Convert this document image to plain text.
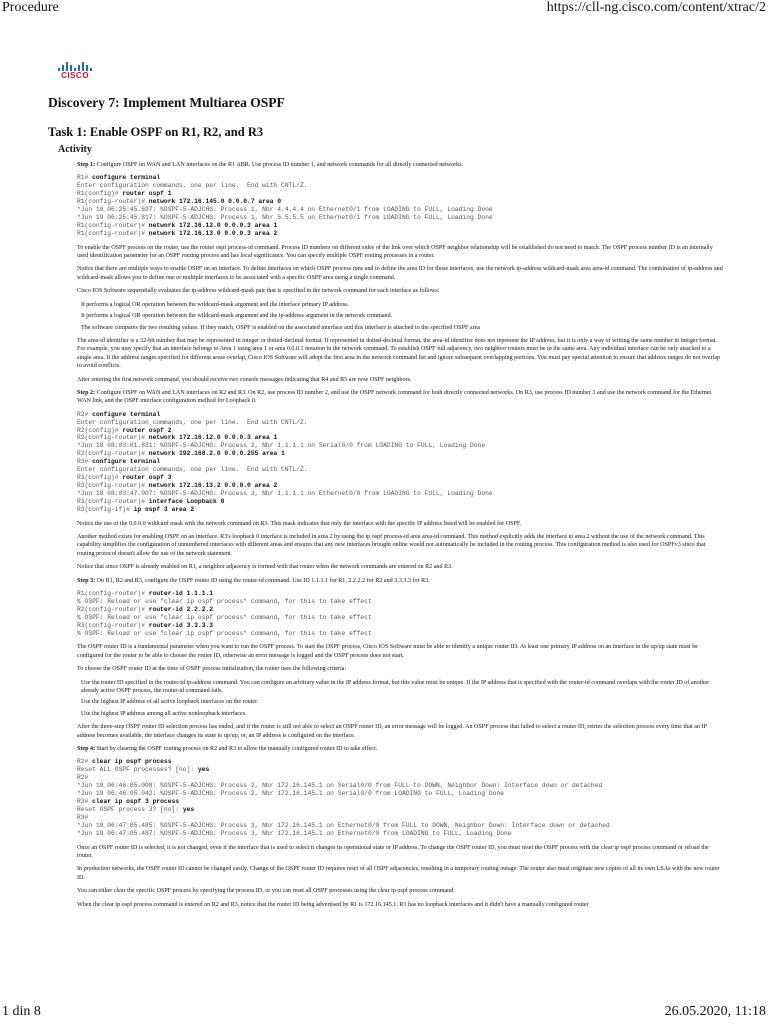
Procedure	https://cll-ng.cisco.com/content/xtrac/2
CISCO
Discovery 7: Implement Multiarea OSPF
Task 1: Enable OSPF on R1, R2, and R3
Activity

Step 1: Configure OSPF on WAN and LAN interfaces on the R1 ABR. Use process ID number 1, and network commands for all directly connected networks.

R1# configure terminal
Enter configuration commands, one per line.  End with CNTL/Z.
R1(config)# router ospf 1
R1(config-router)# network 172.16.145.0 0.0.0.7 area 0
*Jun 19 06:25:45.697: %OSPF-5-ADJCHG: Process 1, Nbr 4.4.4.4 on Ethernet0/1 from LOADING to FULL, Loading Done
*Jun 19 06:25:45.817: %OSPF-5-ADJCHG: Process 1, Nbr 5.5.5.5 on Ethernet0/1 from LOADING to FULL, Loading Done
R1(config-router)# network 172.16.12.0 0.0.0.3 area 1
R1(config-router)# network 172.16.13.0 0.0.0.3 area 2

To enable the OSPF process on the router, use the router ospf process-id command. Process ID numbers on different sides of the link over which OSPF neighbor relationship will be established do not need to match. The OSPF process number ID is an internally used identification parameter for an OSPF routing process and has local significance. You can specify multiple OSPF routing processes in a router.

Notice that there are multiple ways to enable OSPF on an interface. To define interfaces on which OSPF process runs and to define the area ID for those interfaces, use the network ip-address wildcard-mask area area-id command. The combination of ip-address and wildcard-mask allows you to define one or multiple interfaces to be associated with a specific OSPF area using a single command.

Cisco IOS Software sequentially evaluates the ip-address wildcard-mask pair that is specified in the network command for each interface as follows:

It performs a logical OR operation between the wildcard-mask argument and the interface primary IP address.

It performs a logical OR operation between the wildcard-mask argument and the ip-address argument in the network command.

The software compares the two resulting values. If they match, OSPF is enabled on the associated interface and this interface is attached to the specified OSPF area

The area-id identifier is a 32-bit number that may be represented in integer or dotted-decimal format. If represented in dotted-decimal format, the area-id identifier does not represent the IP address, but it is only a way of writing the same number in integer format. For example, you may specify that an interface belongs to Area 1 using area 1 or area 0.0.0.1 notation in the network command. To establish OSPF full adjacency, two neighbor routers must be in the same area. Any individual interface can be only attached to a single area. If the address ranges specified for different areas overlap, Cisco IOS Software will adopt the first area in the network command list and ignore subsequent overlapping portions. You must pay special attention to ensure that address ranges do not overlap to avoid conflicts.

After entering the first network command, you should receive two console messages indicating that R4 and R5 are now OSPF neighbors.

Step 2: Configure OSPF on WAN and LAN interfaces on R2 and R3. On R2, use process ID number 2, and use the OSPF network command for both directly connected networks. On R3, use process ID number 3 and use the network command for the Ethernet WAN link, and the OSPF interface configuration method for Loopback 0.

R2# configure terminal
Enter configuration commands, one per line.  End with CNTL/Z.
R2(config)# router ospf 2
R2(config-router)# network 172.16.12.0 0.0.0.3 area 1
*Jun 18 08:03:01.831: %OSPF-5-ADJCHG: Process 2, Nbr 1.1.1.1 on Serial0/0 from LOADING to FULL, Loading Done
R2(config-router)# network 192.168.2.0 0.0.0.255 area 1
R3# configure terminal
Enter configuration commands, one per line.  End with CNTL/Z.
R3(config)# router ospf 3
R3(config-router)# network 172.16.13.2 0.0.0.0 area 2
*Jun 18 08:03:47.007: %OSPF-5-ADJCHG: Process 3, Nbr 1.1.1.1 on Ethernet0/0 from LOADING to FULL, Loading Done
R3(config-router)# interface Loopback 0
R3(config-if)# ip ospf 3 area 2

Notice the use of the 0.0.0.0 wildcard mask with the network command on R3. This mask indicates that only the interface with the specific IP address listed will be enabled for OSPF.

Another method exists for enabling OSPF on an interface. R3's loopback 0 interface is included in area 2 by using the ip ospf process-id area area-id command. This method explicitly adds the interface to area 2 without the use of the network command. This capability simplifies the configuration of unnumbered interfaces with different areas and ensures that any new interfaces brought online would not automatically be included in the routing process. This configuration method is also used for OSPFv3 since that routing protocol doesn't allow the use of the network statement.

Notice that since OSPF is already enabled on R1, a neighbor adjacency is formed with that router when the network commands are entered on R2 and R3.

Step 3: On R1, R2 and R3, configure the OSPF router ID using the router-id command. Use ID 1.1.1.1 for R1, 2.2.2.2 for R2 and 3.3.3.3 for R3.

R1(config-router)# router-id 1.1.1.1
% OSPF: Reload or use "clear ip ospf process" command, for this to take effect
R2(config-router)# router-id 2.2.2.2
% OSPF: Reload or use "clear ip ospf process" command, for this to take effect
R3(config-router)# router-id 3.3.3.3
% OSPF: Reload or use "clear ip ospf process" command, for this to take effect

The OSPF router ID is a fundamental parameter when you want to run the OSPF process. To start the OSPF process, Cisco IOS Software must be able to identify a unique router ID. At least one primary IP address on an interface in the up/up state must be configured for the router to be able to choose the router ID, otherwise an error message is logged and the OSPF process does not start.

To choose the OSPF router ID at the time of OSPF process initialization, the router uses the following criteria:

Use the router ID specified in the router-id ip-address command. You can configure an arbitrary value in the IP address format, but this value must be unique. If the IP address that is specified with the router-id command overlaps with the router ID of another already active OSPF process, the router-id command fails.

Use the highest IP address of all active loopback interfaces on the router.

Use the highest IP address among all active nonloopback interfaces.

After the three-step OSPF router ID selection process has ended, and if the router is still not able to select an OSPF router ID, an error message will be logged. An OSPF process that failed to select a router ID, retries the selection process every time that an IP address becomes available, the interface changes its state to up/up, or, an IP address is configured on the interface.

Step 4: Start by clearing the OSPF routing process on R2 and R3 to allow the manually configured router ID to take effect.

R2# clear ip ospf process
Reset ALL OSPF processes? [no]: yes
R2#
*Jun 19 06:46:05.008: %OSPF-5-ADJCHG: Process 2, Nbr 172.16.145.1 on Serial0/0 from FULL to DOWN, Neighbor Down: Interface down or detached
*Jun 19 06:46:05.042: %OSPF-5-ADJCHG: Process 2, Nbr 172.16.145.1 on Serial0/0 from LOADING to FULL, Loading Done
R3# clear ip ospf 3 process
Reset OSPF process 3? [no]: yes
R3#
*Jun 19 06:47:05.485: %OSPF-5-ADJCHG: Process 3, Nbr 172.16.145.1 on Ethernet0/0 from FULL to DOWN, Neighbor Down: Interface down or detached
*Jun 19 06:47:05.487: %OSPF-5-ADJCHG: Process 3, Nbr 172.16.145.1 on Ethernet0/0 from LOADING to FULL, Loading Done

Once an OSPF router ID is selected, it is not changed, even if the interface that is used to select it changes its operational state or IP address. To change the OSPF router ID, you must reset the OSPF process with the clear ip ospf process command or reload the router.

In production networks, the OSPF router ID cannot be changed easily. Change of the OSPF router ID requires reset of all OSPF adjacencies, resulting in a temporary routing outage. The router also must originate new copies of all its own LSAs with the new router ID.

You can either clear the specific OSPF process by specifying the process ID, or you can reset all OSPF processes using the clear ip ospf process command.

When the clear ip ospf process command is entered on R2 and R3, notice that the router ID being advertised by R1 is 172.16.145.1. R1 has no loopback interfaces and it didn't have a manually configured router

1 din 8	26.05.2020, 11:18
